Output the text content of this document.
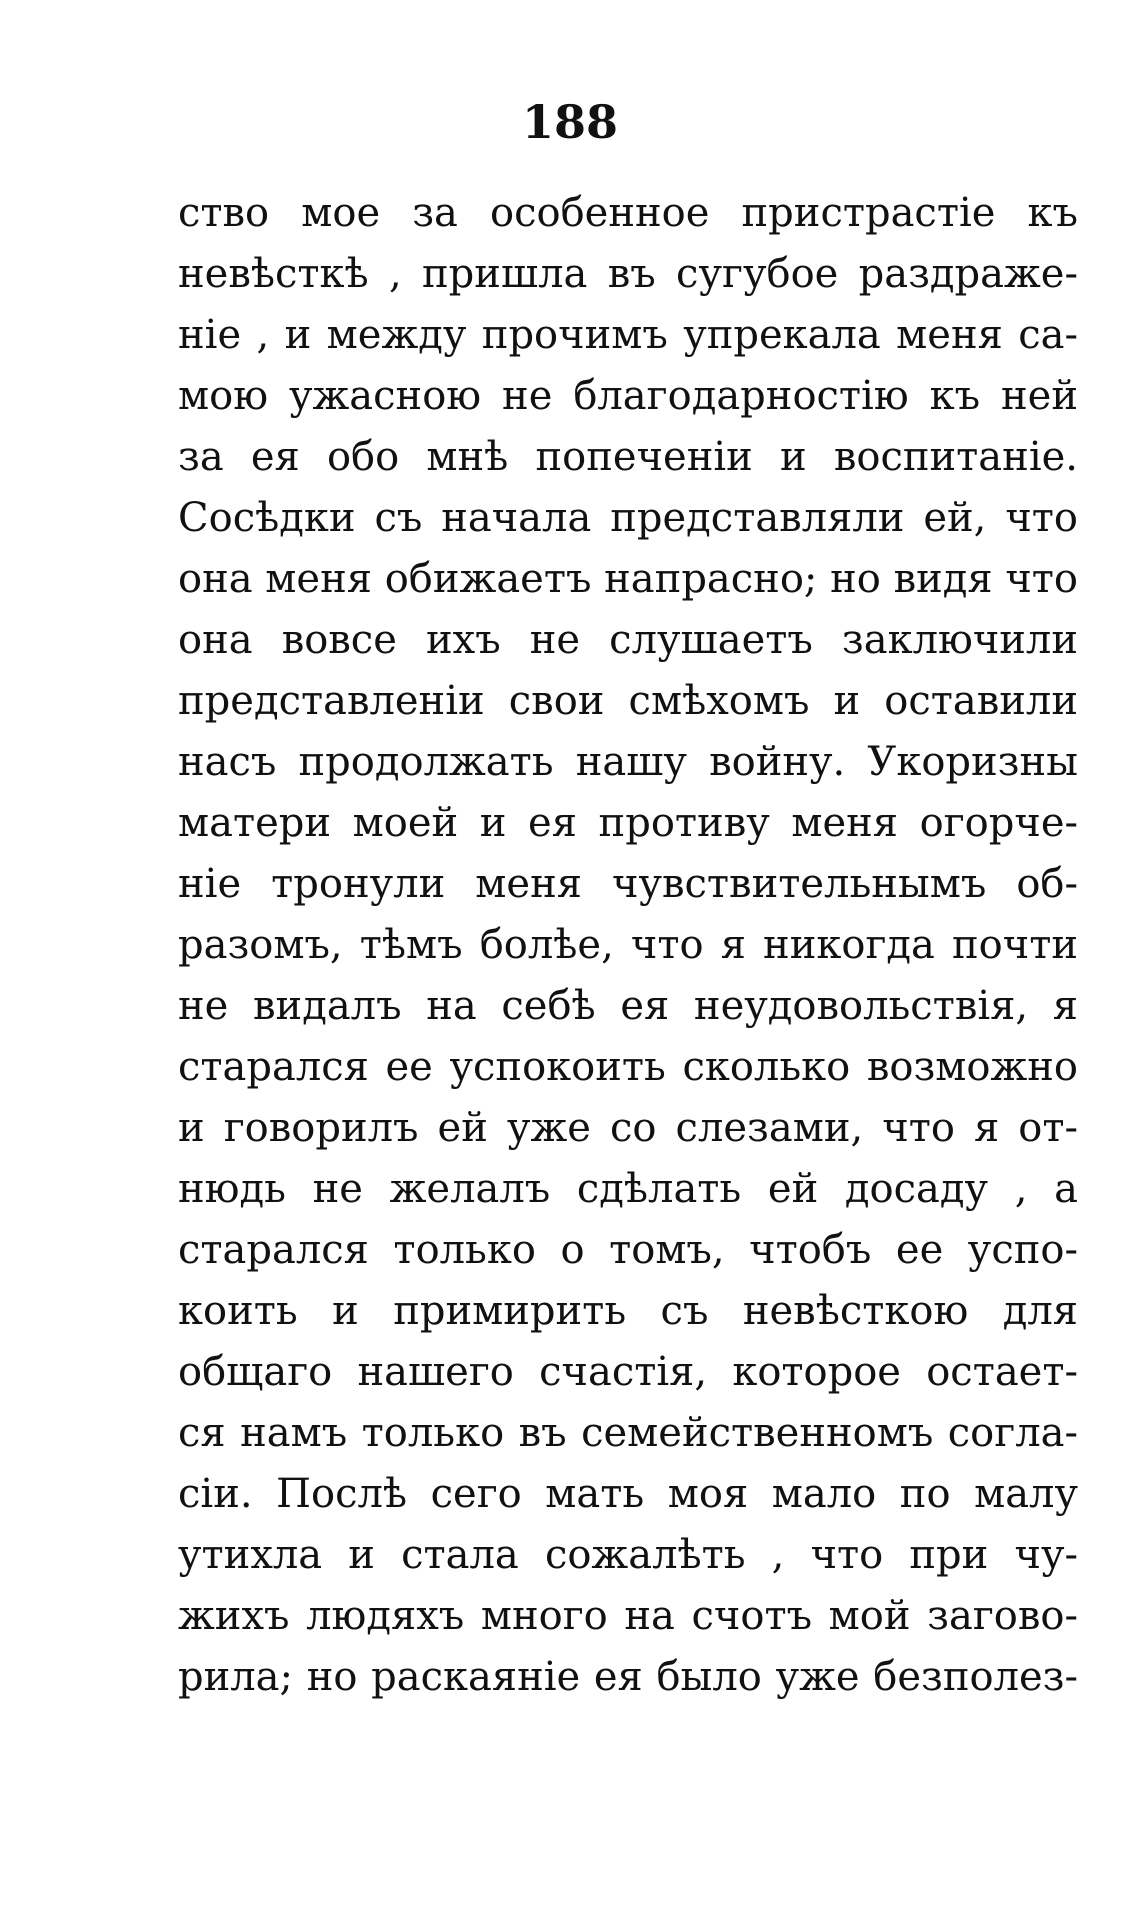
188
ство мое за особенное пристрастіе къ
невѣсткѣ , пришла въ сугубое раздраже-
ніе , и между прочимъ упрекала меня са-
мою ужасною не благодарностію къ ней
за ея обо мнѣ попеченіи и воспитаніе.
Сосѣдки съ начала представляли ей, что
она меня обижаетъ напрасно; но видя что
она вовсе ихъ не слушаетъ заключили
представленіи свои смѣхомъ и оставили
насъ продолжать нашу войну. Укоризны
матери моей и ея противу меня огорче-
ніе тронули меня чувствительнымъ об-
разомъ, тѣмъ болѣе, что я никогда почти
не видалъ на себѣ ея неудовольствія, я
старался ее успокоить сколько возможно
и говорилъ ей уже со слезами, что я от-
нюдь не желалъ сдѣлать ей досаду , а
старался только о томъ, чтобъ ее успо-
коить и примирить съ невѣсткою для
общаго нашего счастія, которое остает-
ся намъ только въ семейственномъ согла-
сіи. Послѣ сего мать моя мало по малу
утихла и стала сожалѣть , что при чу-
жихъ людяхъ много на счотъ мой загово-
рила; но раскаяніе ея было уже безполез-
